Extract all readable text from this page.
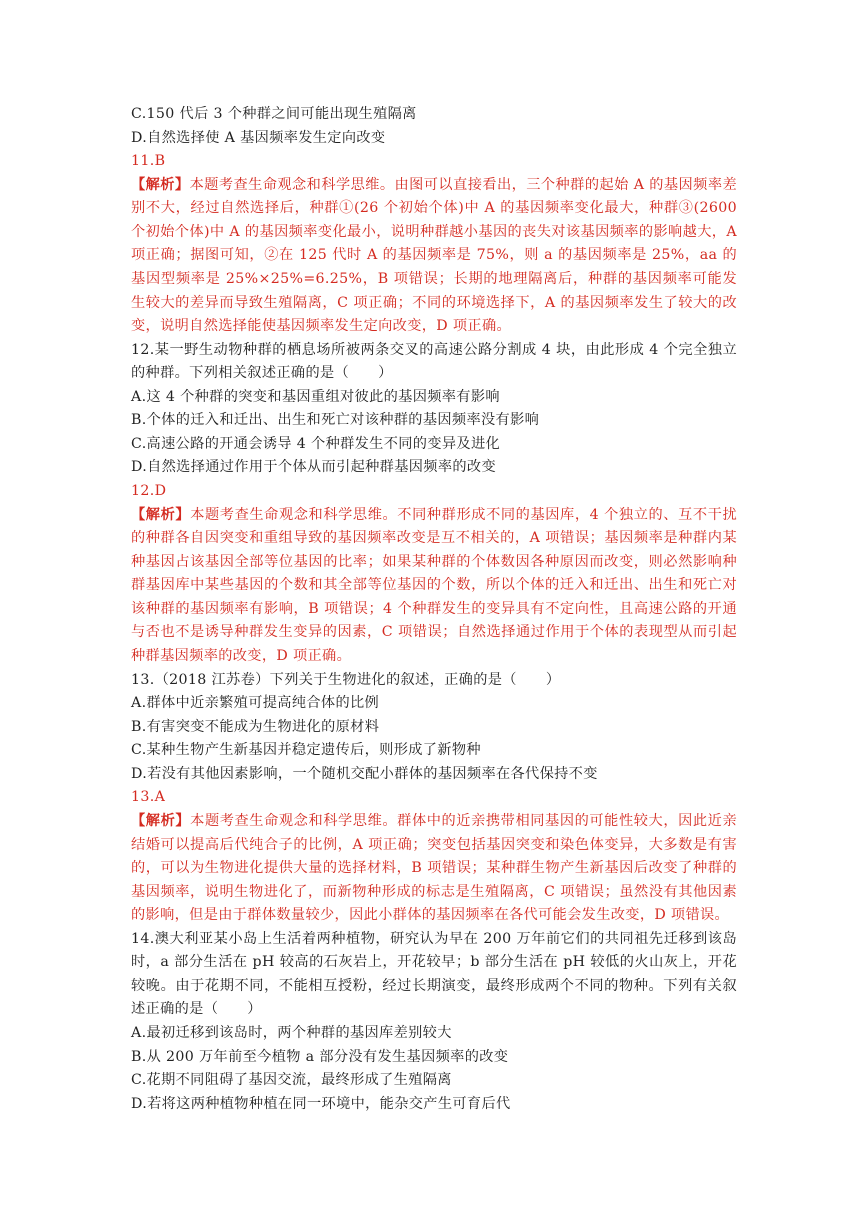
C.150 代后 3 个种群之间可能出现生殖隔离
D.自然选择使 A 基因频率发生定向改变
11.B
【解析】本题考查生命观念和科学思维。由图可以直接看出，三个种群的起始 A 的基因频率差别不大，经过自然选择后，种群①(26 个初始个体)中 A 的基因频率变化最大，种群③(2600 个初始个体)中 A 的基因频率变化最小，说明种群越小基因的丧失对该基因频率的影响越大，A 项正确；据图可知，②在 125 代时 A 的基因频率是 75%，则 a 的基因频率是 25%，aa 的基因型频率是 25%×25%=6.25%，B 项错误；长期的地理隔离后，种群的基因频率可能发生较大的差异而导致生殖隔离，C 项正确；不同的环境选择下，A 的基因频率发生了较大的改变，说明自然选择能使基因频率发生定向改变，D 项正确。
12.某一野生动物种群的栖息场所被两条交叉的高速公路分割成 4 块，由此形成 4 个完全独立的种群。下列相关叙述正确的是（　　）
A.这 4 个种群的突变和基因重组对彼此的基因频率有影响
B.个体的迁入和迁出、出生和死亡对该种群的基因频率没有影响
C.高速公路的开通会诱导 4 个种群发生不同的变异及进化
D.自然选择通过作用于个体从而引起种群基因频率的改变
12.D
【解析】本题考查生命观念和科学思维。不同种群形成不同的基因库，4 个独立的、互不干扰的种群各自因突变和重组导致的基因频率改变是互不相关的，A 项错误；基因频率是种群内某种基因占该基因全部等位基因的比率；如果某种群的个体数因各种原因而改变，则必然影响种群基因库中某些基因的个数和其全部等位基因的个数，所以个体的迁入和迁出、出生和死亡对该种群的基因频率有影响，B 项错误；4 个种群发生的变异具有不定向性，且高速公路的开通与否也不是诱导种群发生变异的因素，C 项错误；自然选择通过作用于个体的表现型从而引起种群基因频率的改变，D 项正确。
13.（2018 江苏卷）下列关于生物进化的叙述，正确的是（　　）
A.群体中近亲繁殖可提高纯合体的比例
B.有害突变不能成为生物进化的原材料
C.某种生物产生新基因并稳定遗传后，则形成了新物种
D.若没有其他因素影响，一个随机交配小群体的基因频率在各代保持不变
13.A
【解析】本题考查生命观念和科学思维。群体中的近亲携带相同基因的可能性较大，因此近亲结婚可以提高后代纯合子的比例，A 项正确；突变包括基因突变和染色体变异，大多数是有害的，可以为生物进化提供大量的选择材料，B 项错误；某种群生物产生新基因后改变了种群的基因频率，说明生物进化了，而新物种形成的标志是生殖隔离，C 项错误；虽然没有其他因素的影响，但是由于群体数量较少，因此小群体的基因频率在各代可能会发生改变，D 项错误。
14.澳大利亚某小岛上生活着两种植物，研究认为早在 200 万年前它们的共同祖先迁移到该岛时，a 部分生活在 pH 较高的石灰岩上，开花较早；b 部分生活在 pH 较低的火山灰上，开花较晚。由于花期不同，不能相互授粉，经过长期演变，最终形成两个不同的物种。下列有关叙述正确的是（　　）
A.最初迁移到该岛时，两个种群的基因库差别较大
B.从 200 万年前至今植物 a 部分没有发生基因频率的改变
C.花期不同阻碍了基因交流，最终形成了生殖隔离
D.若将这两种植物种植在同一环境中，能杂交产生可育后代
